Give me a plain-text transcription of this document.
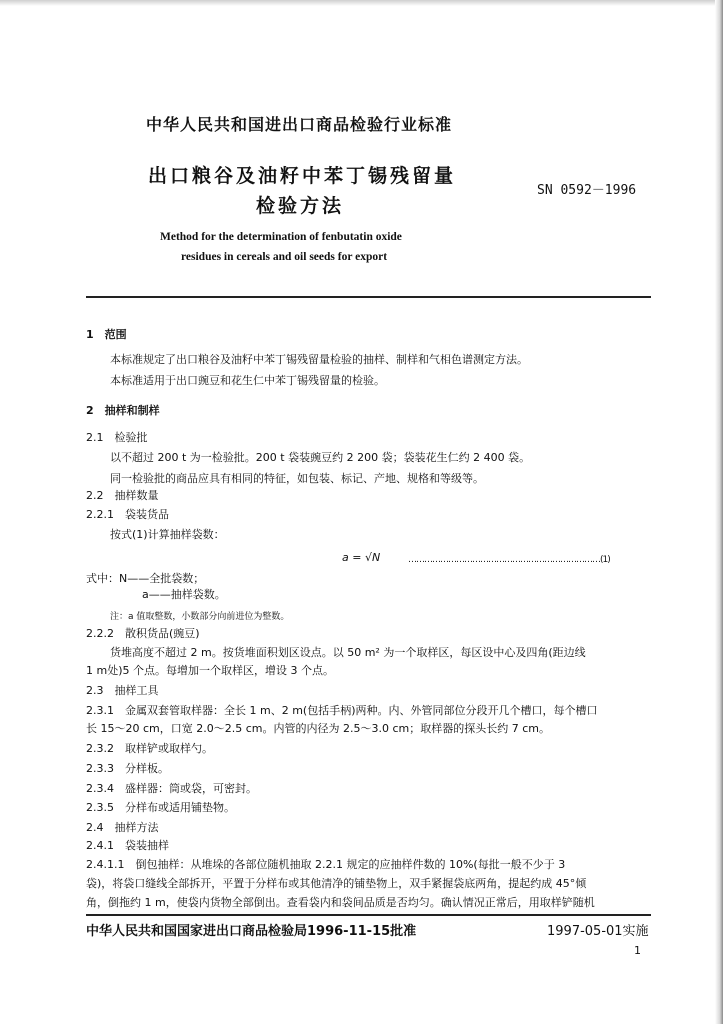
中华人民共和国进出口商品检验行业标准
出口粮谷及油籽中苯丁锡残留量
检验方法
SN 0592－1996
Method for the determination of fenbutatin oxide
residues in cereals and oil seeds for export
1　范围
本标准规定了出口粮谷及油籽中苯丁锡残留量检验的抽样、制样和气相色谱测定方法。
本标准适用于出口豌豆和花生仁中苯丁锡残留量的检验。
2　抽样和制样
2.1　检验批
以不超过 200 t 为一检验批。200 t 袋装豌豆约 2 200 袋；袋装花生仁约 2 400 袋。
同一检验批的商品应具有相同的特征，如包装、标记、产地、规格和等级等。
2.2　抽样数量
2.2.1　袋装货品
按式(1)计算抽样袋数：
a = √N	………………………………………………………………(1)
式中：N——全批袋数；
a——抽样袋数。
注：a 值取整数，小数部分向前进位为整数。
2.2.2　散积货品(豌豆)
货堆高度不超过 2 m。按货堆面积划区设点。以 50 m² 为一个取样区，每区设中心及四角(距边线
1 m处)5 个点。每增加一个取样区，增设 3 个点。
2.3　抽样工具
2.3.1　金属双套管取样器：全长 1 m、2 m(包括手柄)两种。内、外管同部位分段开几个槽口，每个槽口
长 15～20 cm，口宽 2.0～2.5 cm。内管的内径为 2.5～3.0 cm；取样器的探头长约 7 cm。
2.3.2　取样铲或取样勺。
2.3.3　分样板。
2.3.4　盛样器：筒或袋，可密封。
2.3.5　分样布或适用铺垫物。
2.4　抽样方法
2.4.1　袋装抽样
2.4.1.1　倒包抽样：从堆垛的各部位随机抽取 2.2.1 规定的应抽样件数的 10%(每批一般不少于 3
袋)，将袋口缝线全部拆开，平置于分样布或其他清净的铺垫物上，双手紧握袋底两角，提起约成 45°倾
角，倒拖约 1 m，使袋内货物全部倒出。查看袋内和袋间品质是否均匀。确认情况正常后，用取样铲随机
中华人民共和国国家进出口商品检验局1996-11-15批准	1997-05-01实施
1
